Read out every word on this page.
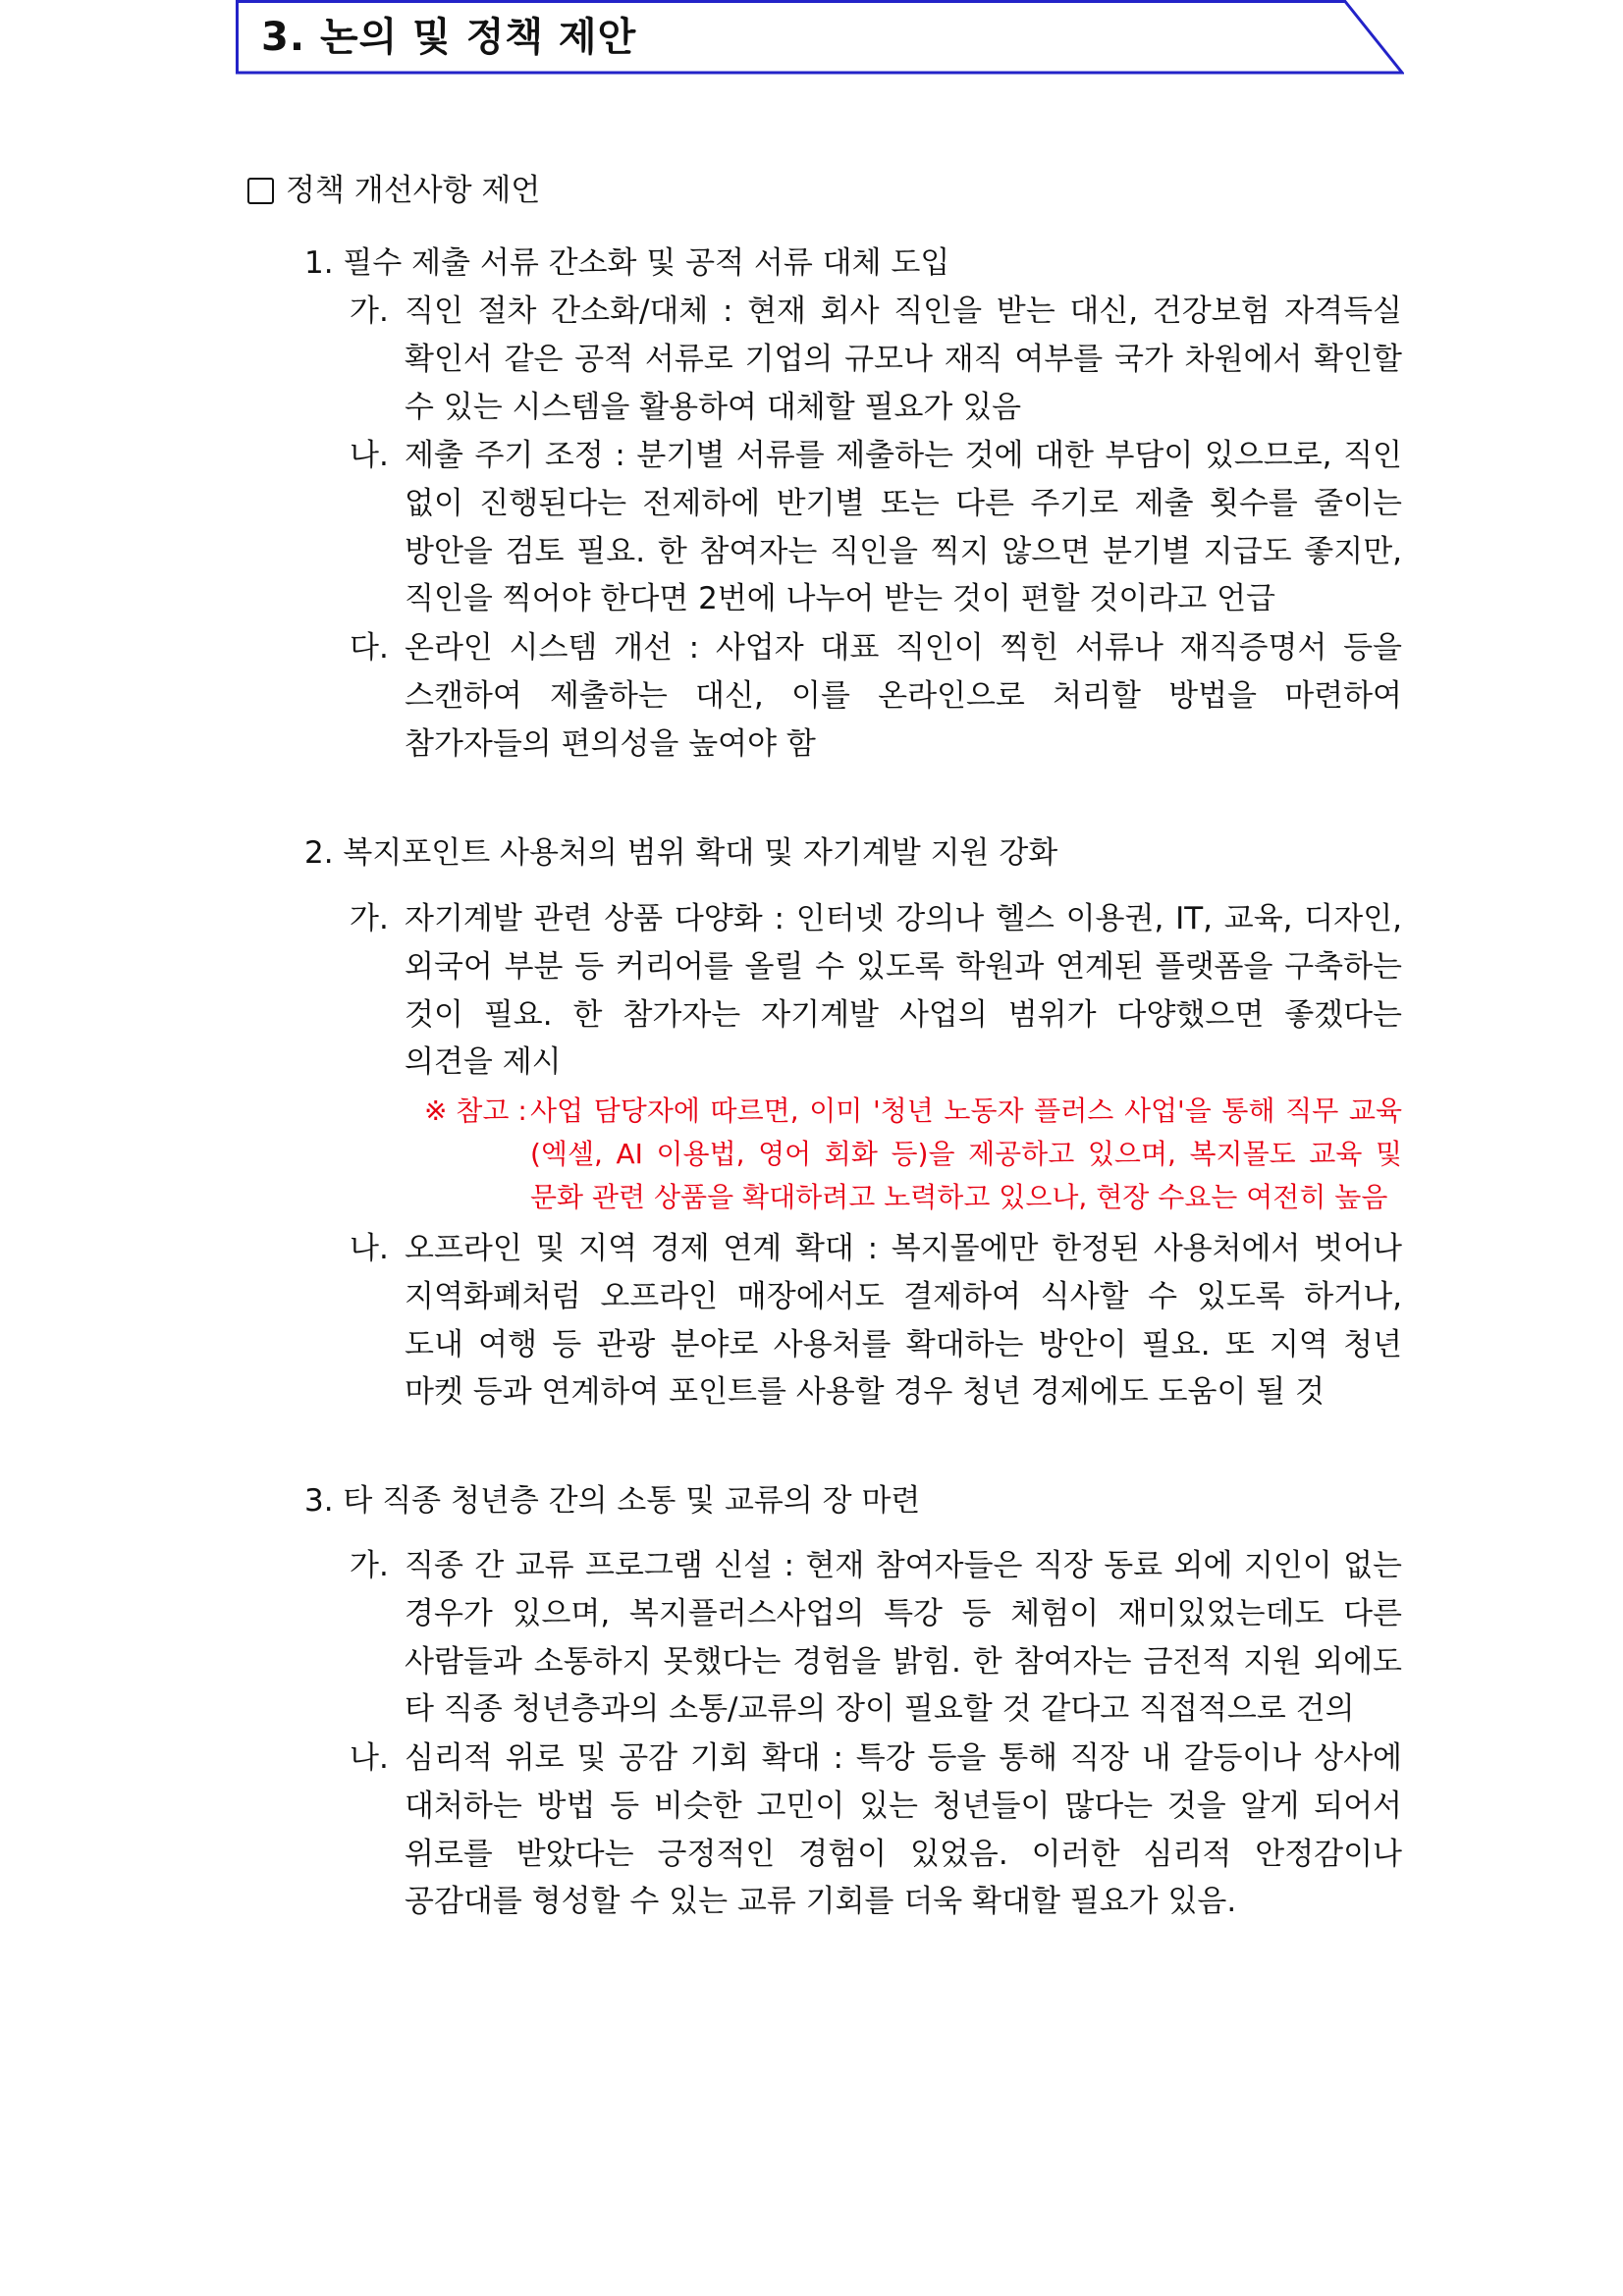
3. 논의 및 정책 제안
정책 개선사항 제언
1. 필수 제출 서류 간소화 및 공적 서류 대체 도입
가. 직인 절차 간소화/대체 : 현재 회사 직인을 받는 대신, 건강보험 자격득실 확인서 같은 공적 서류로 기업의 규모나 재직 여부를 국가 차원에서 확인할 수 있는 시스템을 활용하여 대체할 필요가 있음
나. 제출 주기 조정 : 분기별 서류를 제출하는 것에 대한 부담이 있으므로, 직인 없이 진행된다는 전제하에 반기별 또는 다른 주기로 제출 횟수를 줄이는 방안을 검토 필요. 한 참여자는 직인을 찍지 않으면 분기별 지급도 좋지만, 직인을 찍어야 한다면 2번에 나누어 받는 것이 편할 것이라고 언급
다. 온라인 시스템 개선 : 사업자 대표 직인이 찍힌 서류나 재직증명서 등을 스캔하여 제출하는 대신, 이를 온라인으로 처리할 방법을 마련하여 참가자들의 편의성을 높여야 함
2. 복지포인트 사용처의 범위 확대 및 자기계발 지원 강화
가. 자기계발 관련 상품 다양화 : 인터넷 강의나 헬스 이용권, IT, 교육, 디자인, 외국어 부분 등 커리어를 올릴 수 있도록 학원과 연계된 플랫폼을 구축하는 것이 필요. 한 참가자는 자기계발 사업의 범위가 다양했으면 좋겠다는 의견을 제시
※ 참고 : 사업 담당자에 따르면, 이미 '청년 노동자 플러스 사업'을 통해 직무 교육(엑셀, AI 이용법, 영어 회화 등)을 제공하고 있으며, 복지몰도 교육 및 문화 관련 상품을 확대하려고 노력하고 있으나, 현장 수요는 여전히 높음
나. 오프라인 및 지역 경제 연계 확대 : 복지몰에만 한정된 사용처에서 벗어나 지역화폐처럼 오프라인 매장에서도 결제하여 식사할 수 있도록 하거나, 도내 여행 등 관광 분야로 사용처를 확대하는 방안이 필요. 또 지역 청년 마켓 등과 연계하여 포인트를 사용할 경우 청년 경제에도 도움이 될 것
3. 타 직종 청년층 간의 소통 및 교류의 장 마련
가. 직종 간 교류 프로그램 신설 : 현재 참여자들은 직장 동료 외에 지인이 없는 경우가 있으며, 복지플러스사업의 특강 등 체험이 재미있었는데도 다른 사람들과 소통하지 못했다는 경험을 밝힘. 한 참여자는 금전적 지원 외에도 타 직종 청년층과의 소통/교류의 장이 필요할 것 같다고 직접적으로 건의
나. 심리적 위로 및 공감 기회 확대 : 특강 등을 통해 직장 내 갈등이나 상사에 대처하는 방법 등 비슷한 고민이 있는 청년들이 많다는 것을 알게 되어서 위로를 받았다는 긍정적인 경험이 있었음. 이러한 심리적 안정감이나 공감대를 형성할 수 있는 교류 기회를 더욱 확대할 필요가 있음.
